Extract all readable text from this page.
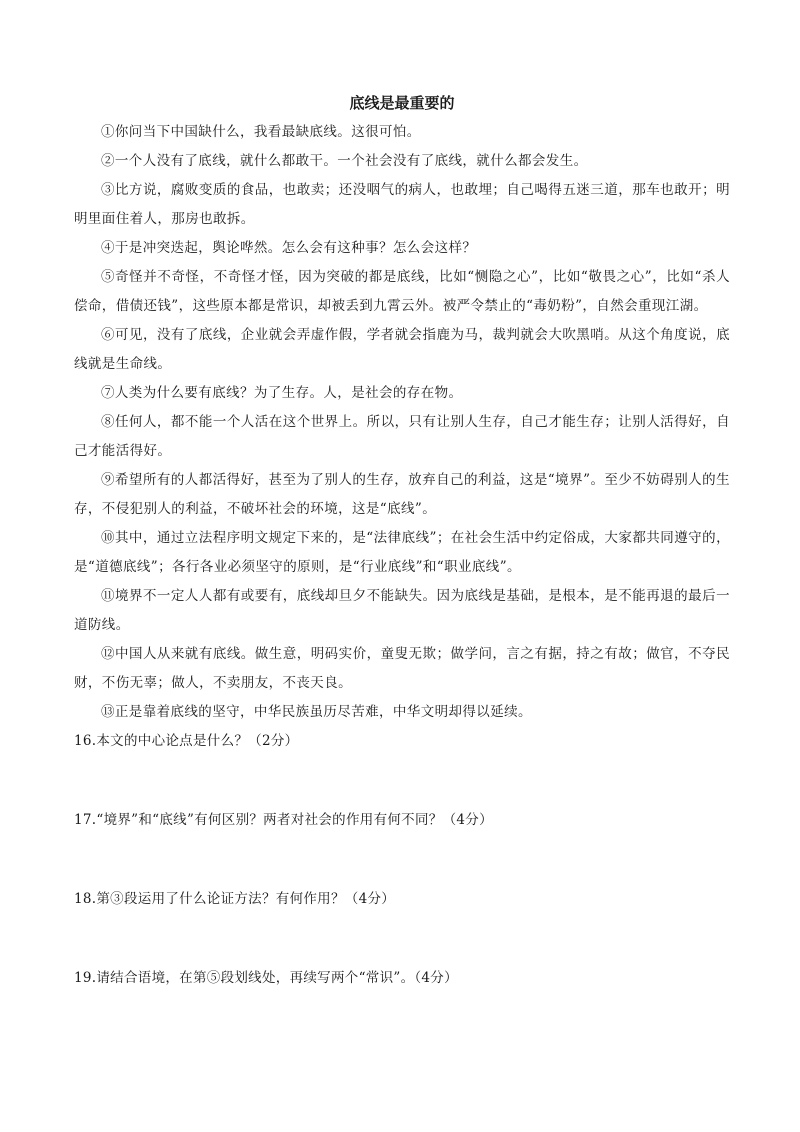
底线是最重要的

①你问当下中国缺什么，我看最缺底线。这很可怕。

②一个人没有了底线，就什么都敢干。一个社会没有了底线，就什么都会发生。

③比方说，腐败变质的食品，也敢卖；还没咽气的病人，也敢埋；自己喝得五迷三道，那车也敢开；明明里面住着人，那房也敢拆。

④于是冲突迭起，舆论哗然。怎么会有这种事？怎么会这样？

⑤奇怪并不奇怪，不奇怪才怪，因为突破的都是底线，比如“恻隐之心”，比如“敬畏之心”，比如“杀人偿命，借债还钱”，这些原本都是常识，却被丢到九霄云外。被严令禁止的“毒奶粉”，自然会重现江湖。

⑥可见，没有了底线，企业就会弄虚作假，学者就会指鹿为马，裁判就会大吹黑哨。从这个角度说，底线就是生命线。

⑦人类为什么要有底线？为了生存。人，是社会的存在物。

⑧任何人，都不能一个人活在这个世界上。所以，只有让别人生存，自己才能生存；让别人活得好，自己才能活得好。

⑨希望所有的人都活得好，甚至为了别人的生存，放弃自己的利益，这是“境界”。至少不妨碍别人的生存，不侵犯别人的利益，不破坏社会的环境，这是“底线”。

⑩其中，通过立法程序明文规定下来的，是“法律底线”；在社会生活中约定俗成，大家都共同遵守的，是“道德底线”；各行各业必须坚守的原则，是“行业底线”和“职业底线”。

⑪境界不一定人人都有或要有，底线却旦夕不能缺失。因为底线是基础，是根本，是不能再退的最后一道防线。

⑫中国人从来就有底线。做生意，明码实价，童叟无欺；做学问，言之有据，持之有故；做官，不夺民财，不伤无辜；做人，不卖朋友，不丧天良。

⑬正是靠着底线的坚守，中华民族虽历尽苦难，中华文明却得以延续。

16.本文的中心论点是什么？（2分）

17.“境界”和“底线”有何区别？两者对社会的作用有何不同？（4分）

18.第③段运用了什么论证方法？有何作用？（4分）

19.请结合语境，在第⑤段划线处，再续写两个“常识”。（4分）
